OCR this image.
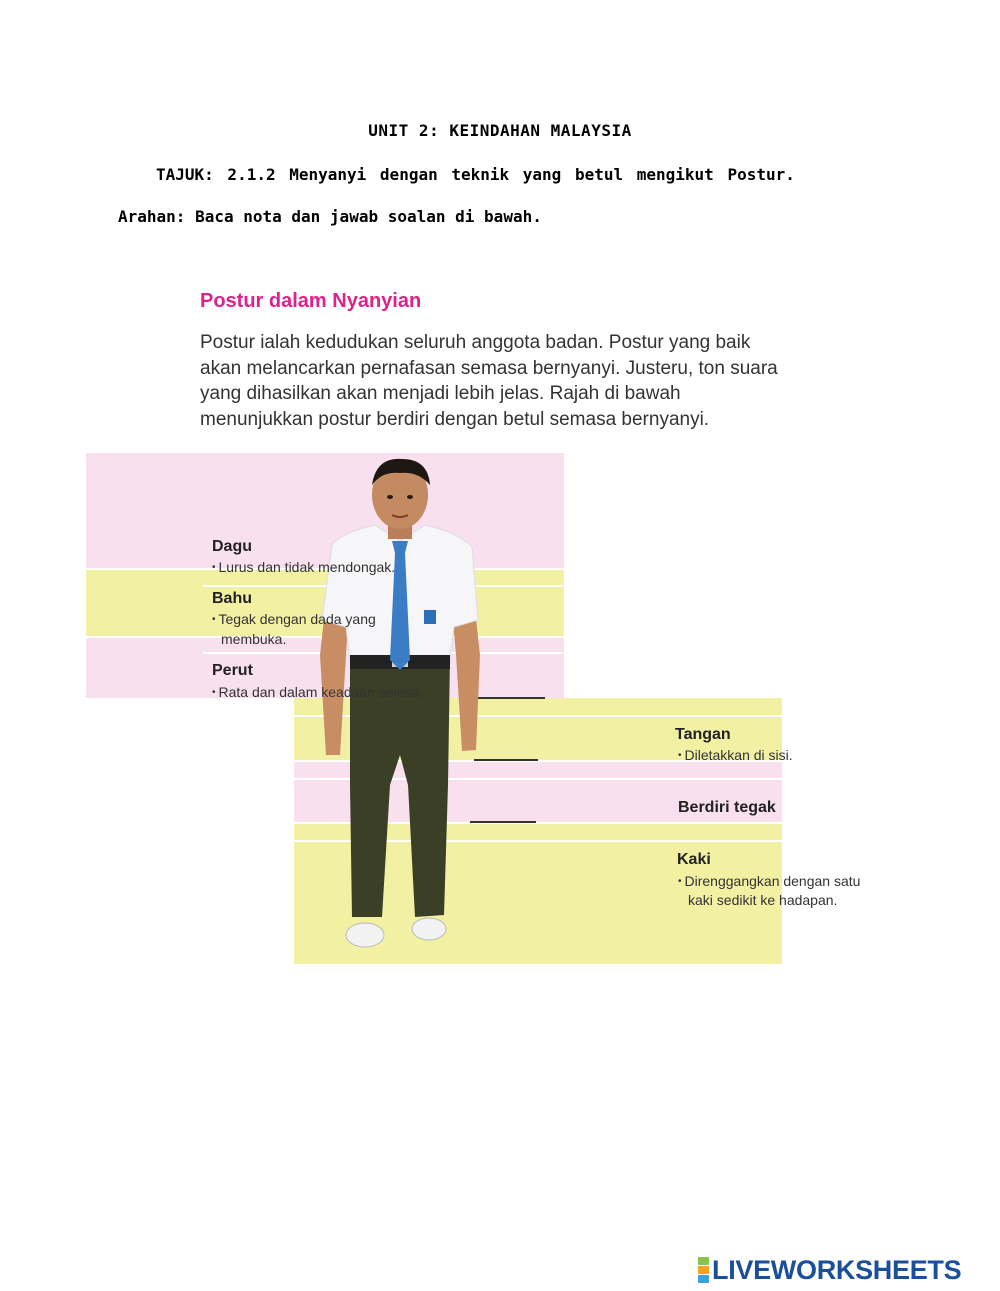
UNIT 2: KEINDAHAN MALAYSIA
TAJUK: 2.1.2 Menyanyi dengan teknik yang betul mengikut Postur.
Arahan: Baca nota dan jawab soalan di bawah.
Postur dalam Nyanyian
Postur ialah kedudukan seluruh anggota badan. Postur yang baik akan melancarkan pernafasan semasa bernyanyi. Justeru, ton suara yang dihasilkan akan menjadi lebih jelas. Rajah di bawah menunjukkan postur berdiri dengan betul semasa bernyanyi.
Dagu
• Lurus dan tidak mendongak.
Bahu
• Tegak dengan dada yang
membuka.
Perut
• Rata dan dalam keadaan selesa.
Tangan
• Diletakkan di sisi.
Berdiri tegak
Kaki
• Direnggangkan dengan satu
kaki sedikit ke hadapan.
LIVEWORKSHEETS
